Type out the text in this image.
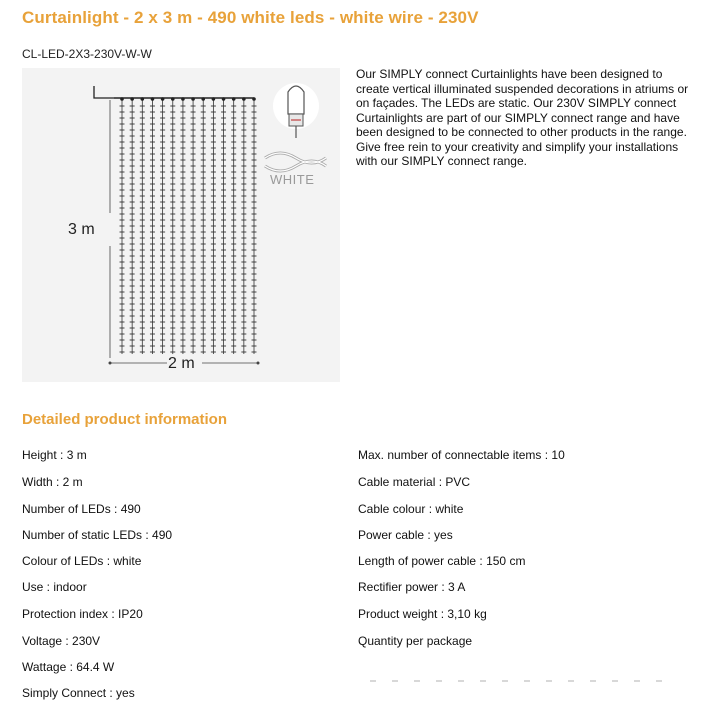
Curtainlight - 2 x 3 m - 490 white leds - white wire - 230V
CL-LED-2X3-230V-W-W
3 m
2 m
WHITE
Our SIMPLY connect Curtainlights have been designed to create vertical illuminated suspended decorations in atriums or on façades. The LEDs are static. Our 230V SIMPLY connect Curtainlights are part of our SIMPLY connect range and have been designed to be connected to other products in the range. Give free rein to your creativity and simplify your installations with our SIMPLY connect range.
Detailed product information
Height : 3 m
Width : 2 m
Number of LEDs : 490
Number of static LEDs : 490
Colour of LEDs : white
Use : indoor
Protection index : IP20
Voltage : 230V
Wattage : 64.4 W
Simply Connect : yes
Max. number of connectable items : 10
Cable material : PVC
Cable colour : white
Power cable : yes
Length of power cable : 150 cm
Rectifier power : 3 A
Product weight : 3,10 kg
Quantity per package
